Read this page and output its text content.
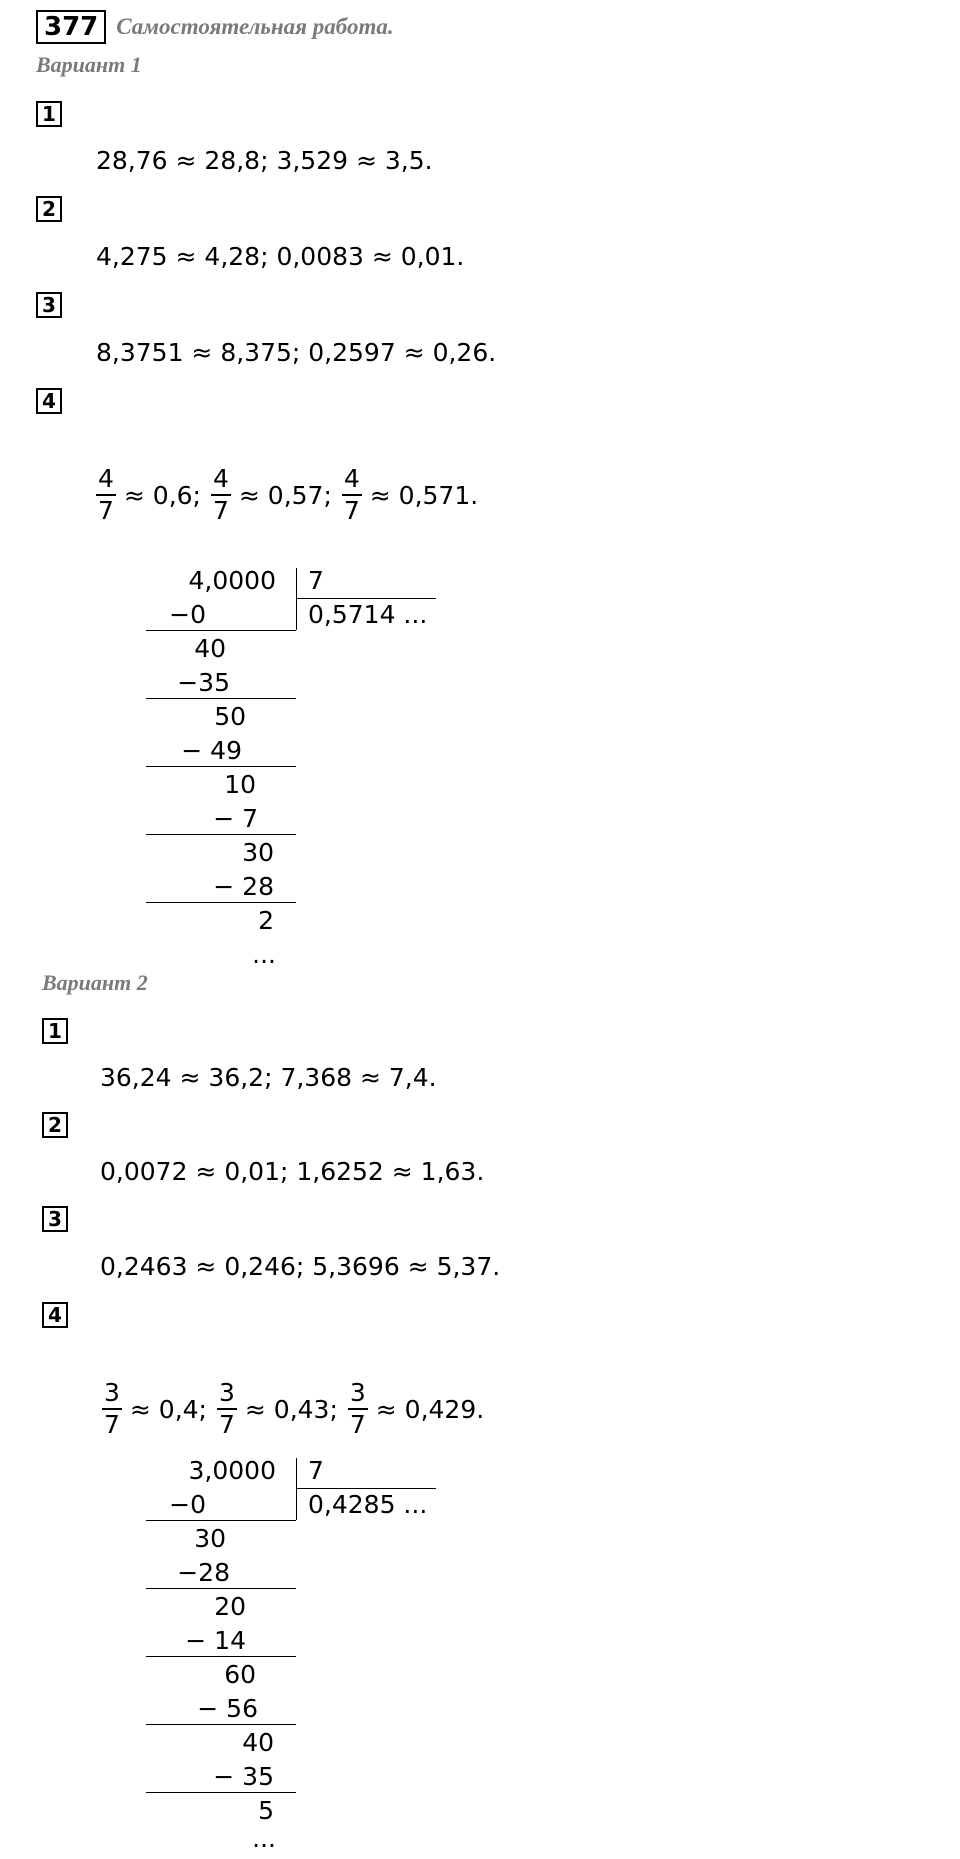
377 Самостоятельная работа.
Вариант 1
1
28,76 ≈ 28,8; 3,529 ≈ 3,5.
2
4,275 ≈ 4,28; 0,0083 ≈ 0,01.
3
8,3751 ≈ 8,375; 0,2597 ≈ 0,26.
4
$\frac{4}{7} \approx 0,6$; $\frac{4}{7} \approx 0,57$; $\frac{4}{7} \approx 0,571$.
4,0000 7
0,5714 ...
−0
40
−35
50
− 49
10
− 7
30
− 28
2
...
Вариант 2
1
36,24 ≈ 36,2; 7,368 ≈ 7,4.
2
0,0072 ≈ 0,01; 1,6252 ≈ 1,63.
3
0,2463 ≈ 0,246; 5,3696 ≈ 5,37.
4
$\frac{3}{7} \approx 0,4$; $\frac{3}{7} \approx 0,43$; $\frac{3}{7} \approx 0,429$.
3,0000 7
0,4285 ...
−0
30
−28
20
− 14
60
− 56
40
− 35
5
...
